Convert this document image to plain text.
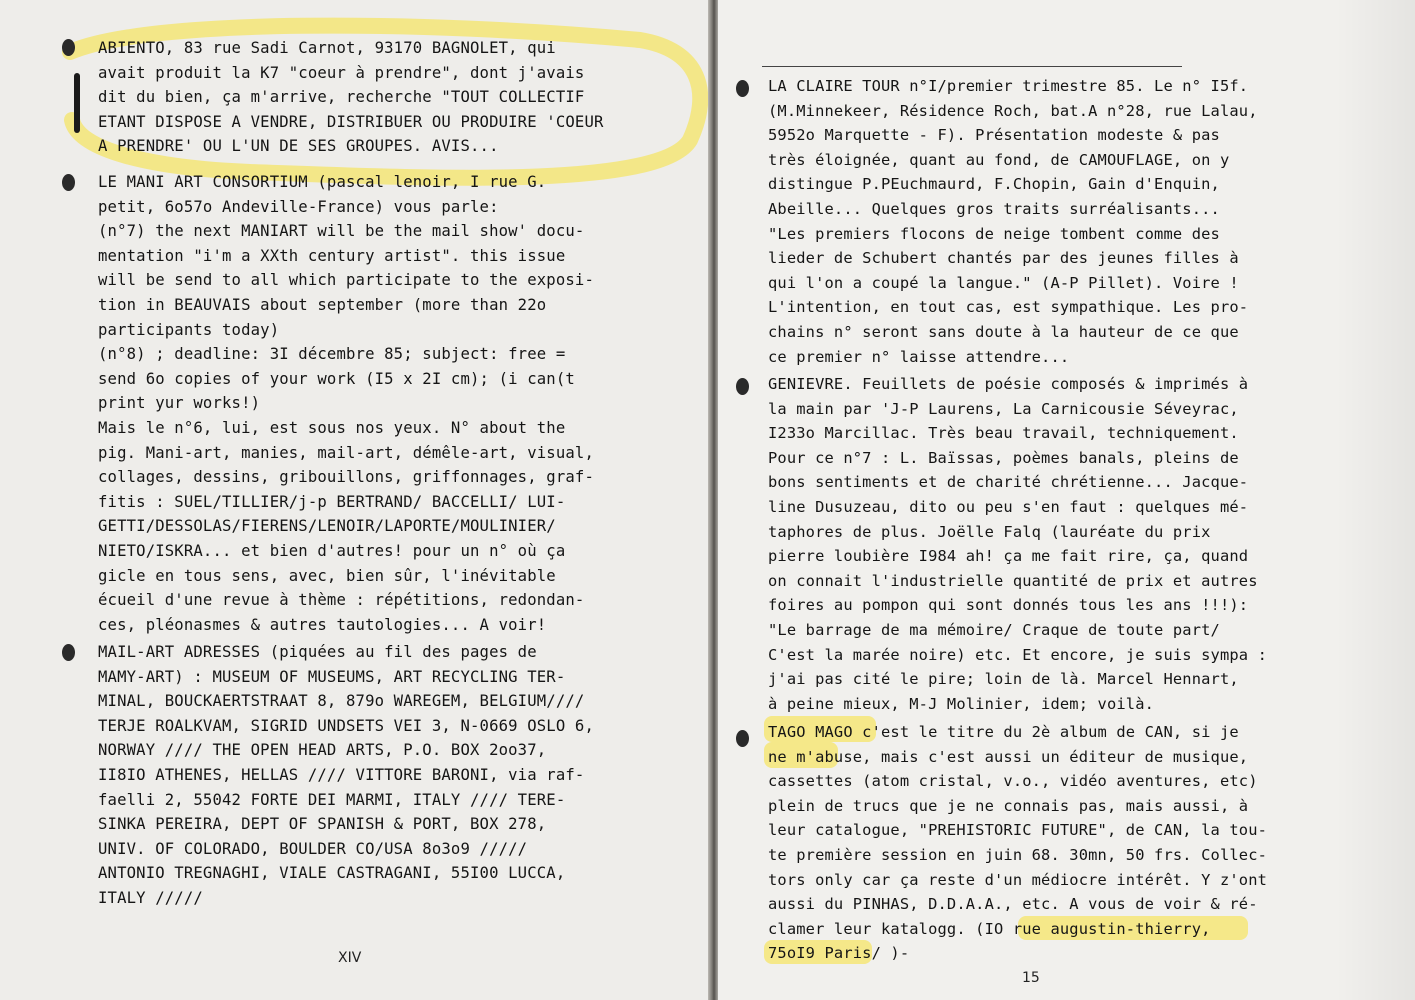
ABIENTO, 83 rue Sadi Carnot, 93170 BAGNOLET, qui
avait produit la K7 "coeur à prendre", dont j'avais
dit du bien, ça m'arrive, recherche "TOUT COLLECTIF
ETANT DISPOSE A VENDRE, DISTRIBUER OU PRODUIRE 'COEUR
A PRENDRE' OU L'UN DE SES GROUPES. AVIS...
LE MANI ART CONSORTIUM (pascal lenoir, I rue G.
petit, 6o57o Andeville-France) vous parle:
(n°7) the next MANIART will be the mail show' docu-
mentation "i'm a XXth century artist". this issue
will be send to all which participate to the exposi-
tion in BEAUVAIS about september (more than 22o
participants today)
(n°8) ; deadline: 3I décembre 85; subject: free =
send 6o copies of your work (I5 x 2I cm); (i can(t
print yur works!)
Mais le n°6, lui, est sous nos yeux. N° about the
pig. Mani-art, manies, mail-art, démêle-art, visual,
collages, dessins, gribouillons, griffonnages, graf-
fitis : SUEL/TILLIER/j-p BERTRAND/ BACCELLI/ LUI-
GETTI/DESSOLAS/FIERENS/LENOIR/LAPORTE/MOULINIER/
NIETO/ISKRA... et bien d'autres! pour un n° où ça
gicle en tous sens, avec, bien sûr, l'inévitable
écueil d'une revue à thème : répétitions, redondan-
ces, pléonasmes & autres tautologies... A voir!
MAIL-ART ADRESSES (piquées au fil des pages de
MAMY-ART) : MUSEUM OF MUSEUMS, ART RECYCLING TER-
MINAL, BOUCKAERTSTRAAT 8, 879o WAREGEM, BELGIUM////
TERJE ROALKVAM, SIGRID UNDSETS VEI 3, N-0669 OSLO 6,
NORWAY //// THE OPEN HEAD ARTS, P.O. BOX 2oo37,
II8IO ATHENES, HELLAS //// VITTORE BARONI, via raf-
faelli 2, 55042 FORTE DEI MARMI, ITALY //// TERE-
SINKA PEREIRA, DEPT OF SPANISH & PORT, BOX 278,
UNIV. OF COLORADO, BOULDER CO/USA 8o3o9 /////
ANTONIO TREGNAGHI, VIALE CASTRAGANI, 55I00 LUCCA,
ITALY /////
XIV
LA CLAIRE TOUR n°I/premier trimestre 85. Le n° I5f.
(M.Minnekeer, Résidence Roch, bat.A n°28, rue Lalau,
5952o Marquette - F). Présentation modeste & pas
très éloignée, quant au fond, de CAMOUFLAGE, on y
distingue P.PEuchmaurd, F.Chopin, Gain d'Enquin,
Abeille... Quelques gros traits surréalisants...
"Les premiers flocons de neige tombent comme des
lieder de Schubert chantés par des jeunes filles à
qui l'on a coupé la langue." (A-P Pillet). Voire !
L'intention, en tout cas, est sympathique. Les pro-
chains n° seront sans doute à la hauteur de ce que
ce premier n° laisse attendre...
GENIEVRE. Feuillets de poésie composés & imprimés à
la main par 'J-P Laurens, La Carnicousie Séveyrac,
I233o Marcillac. Très beau travail, techniquement.
Pour ce n°7 : L. Baïssas, poèmes banals, pleins de
bons sentiments et de charité chrétienne... Jacque-
line Dusuzeau, dito ou peu s'en faut : quelques mé-
taphores de plus. Joëlle Falq (lauréate du prix
pierre loubière I984 ah! ça me fait rire, ça, quand
on connait l'industrielle quantité de prix et autres
foires au pompon qui sont donnés tous les ans !!!):
"Le barrage de ma mémoire/ Craque de toute part/
C'est la marée noire) etc. Et encore, je suis sympa :
j'ai pas cité le pire; loin de là. Marcel Hennart,
à peine mieux, M-J Molinier, idem; voilà.
TAGO MAGO c'est le titre du 2è album de CAN, si je
ne m'abuse, mais c'est aussi un éditeur de musique,
cassettes (atom cristal, v.o., vidéo aventures, etc)
plein de trucs que je ne connais pas, mais aussi, à
leur catalogue, "PREHISTORIC FUTURE", de CAN, la tou-
te première session en juin 68. 30mn, 50 frs. Collec-
tors only car ça reste d'un médiocre intérêt. Y z'ont
aussi du PINHAS, D.D.A.A., etc. A vous de voir & ré-
clamer leur katalogg. (IO rue augustin-thierry,
75oI9 Paris/ )-
15
